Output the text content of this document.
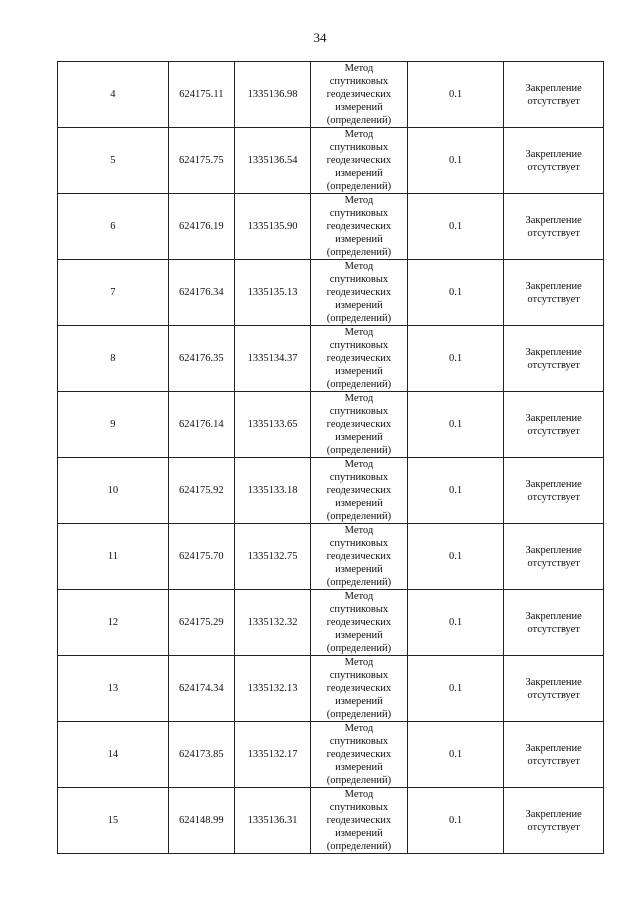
34
4	624175.11	1335136.98	Метод
спутниковых
геодезических
измерений
(определений)	0.1	Закрепление
отсутствует

5	624175.75	1335136.54	Метод
спутниковых
геодезических
измерений
(определений)	0.1	Закрепление
отсутствует

6	624176.19	1335135.90	Метод
спутниковых
геодезических
измерений
(определений)	0.1	Закрепление
отсутствует

7	624176.34	1335135.13	Метод
спутниковых
геодезических
измерений
(определений)	0.1	Закрепление
отсутствует

8	624176.35	1335134.37	Метод
спутниковых
геодезических
измерений
(определений)	0.1	Закрепление
отсутствует

9	624176.14	1335133.65	Метод
спутниковых
геодезических
измерений
(определений)	0.1	Закрепление
отсутствует

10	624175.92	1335133.18	Метод
спутниковых
геодезических
измерений
(определений)	0.1	Закрепление
отсутствует

11	624175.70	1335132.75	Метод
спутниковых
геодезических
измерений
(определений)	0.1	Закрепление
отсутствует

12	624175.29	1335132.32	Метод
спутниковых
геодезических
измерений
(определений)	0.1	Закрепление
отсутствует

13	624174.34	1335132.13	Метод
спутниковых
геодезических
измерений
(определений)	0.1	Закрепление
отсутствует

14	624173.85	1335132.17	Метод
спутниковых
геодезических
измерений
(определений)	0.1	Закрепление
отсутствует

15	624148.99	1335136.31	Метод
спутниковых
геодезических
измерений
(определений)	0.1	Закрепление
отсутствует
